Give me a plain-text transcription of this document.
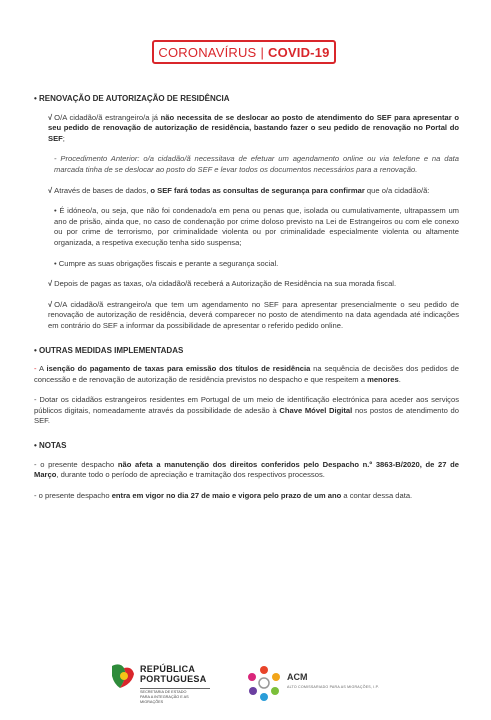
CORONAVÍRUS | COVID-19
• RENOVAÇÃO DE AUTORIZAÇÃO DE RESIDÊNCIA

√ O/A cidadão/ã estrangeiro/a já não necessita de se deslocar ao posto de atendimento do SEF para apresentar o seu pedido de renovação de autorização de residência, bastando fazer o seu pedido de renovação no Portal do SEF;

- Procedimento Anterior: o/a cidadão/ã necessitava de efetuar um agendamento online ou via telefone e na data marcada tinha de se deslocar ao posto do SEF e levar todos os documentos necessários para a renovação.

√ Através de bases de dados, o SEF fará todas as consultas de segurança para confirmar que o/a cidadão/ã:

• É idóneo/a, ou seja, que não foi condenado/a em pena ou penas que, isolada ou cumulativamente, ultrapassem um ano de prisão, ainda que, no caso de condenação por crime doloso previsto na Lei de Estrangeiros ou com ele conexo ou por crime de terrorismo, por criminalidade violenta ou por criminalidade especialmente violenta ou altamente organizada, a respetiva execução tenha sido suspensa;

• Cumpre as suas obrigações fiscais e perante a segurança social.

√ Depois de pagas as taxas, o/a cidadão/ã receberá a Autorização de Residência na sua morada fiscal.

√ O/A cidadão/ã estrangeiro/a que tem um agendamento no SEF para apresentar presencialmente o seu pedido de renovação de autorização de residência, deverá comparecer no posto de atendimento na data agendada até indicações em contrário do SEF a informar da possibilidade de apresentar o referido pedido online.

• OUTRAS MEDIDAS IMPLEMENTADAS

- A isenção do pagamento de taxas para emissão dos títulos de residência na sequência de decisões dos pedidos de concessão e de renovação de autorização de residência previstos no despacho e que respeitem a menores.

- Dotar os cidadãos estrangeiros residentes em Portugal de um meio de identificação electrónica para aceder aos serviços públicos digitais, nomeadamente através da possibilidade de adesão à Chave Móvel Digital nos postos de atendimento do SEF.

• NOTAS

- o presente despacho não afeta a manutenção dos direitos conferidos pelo Despacho n.º 3863-B/2020, de 27 de Março, durante todo o período de apreciação e tramitação dos respectivos processos.

- o presente despacho entra em vigor no dia 27 de maio e vigora pelo prazo de um ano a contar dessa data.

REPÚBLICA
PORTUGUESA
SECRETARIA DE ESTADO
PARA A INTEGRAÇÃO E AS MIGRAÇÕES
ACM
ALTO COMISSARIADO PARA AS MIGRAÇÕES, I.P.
